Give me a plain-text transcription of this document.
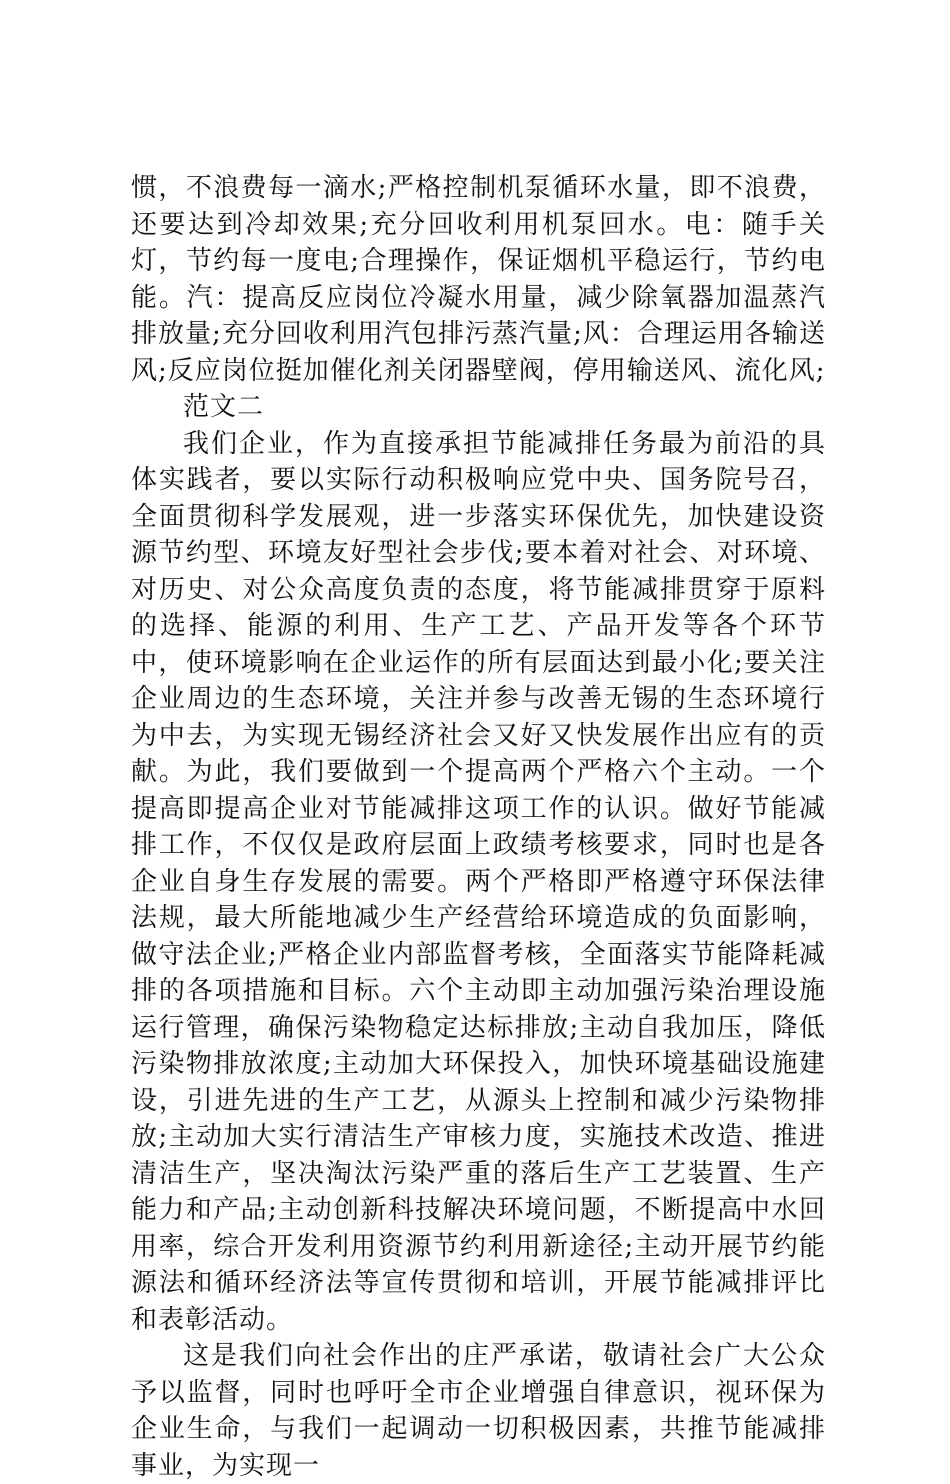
惯，不浪费每一滴水;严格控制机泵循环水量，即不浪费，还要达到冷却效果;充分回收利用机泵回水。电：随手关灯，节约每一度电;合理操作，保证烟机平稳运行，节约电能。汽：提高反应岗位冷凝水用量，减少除氧器加温蒸汽排放量;充分回收利用汽包排污蒸汽量;风：合理运用各输送风;反应岗位挺加催化剂关闭器壁阀，停用输送风、流化风;

范文二

我们企业，作为直接承担节能减排任务最为前沿的具体实践者，要以实际行动积极响应党中央、国务院号召，全面贯彻科学发展观，进一步落实环保优先，加快建设资源节约型、环境友好型社会步伐;要本着对社会、对环境、对历史、对公众高度负责的态度，将节能减排贯穿于原料的选择、能源的利用、生产工艺、产品开发等各个环节中，使环境影响在企业运作的所有层面达到最小化;要关注企业周边的生态环境，关注并参与改善无锡的生态环境行为中去，为实现无锡经济社会又好又快发展作出应有的贡献。为此，我们要做到一个提高两个严格六个主动。一个提高即提高企业对节能减排这项工作的认识。做好节能减排工作，不仅仅是政府层面上政绩考核要求，同时也是各企业自身生存发展的需要。两个严格即严格遵守环保法律法规，最大所能地减少生产经营给环境造成的负面影响，做守法企业;严格企业内部监督考核，全面落实节能降耗减排的各项措施和目标。六个主动即主动加强污染治理设施运行管理，确保污染物稳定达标排放;主动自我加压，降低污染物排放浓度;主动加大环保投入，加快环境基础设施建设，引进先进的生产工艺，从源头上控制和减少污染物排放;主动加大实行清洁生产审核力度，实施技术改造、推进清洁生产，坚决淘汰污染严重的落后生产工艺装置、生产能力和产品;主动创新科技解决环境问题，不断提高中水回用率，综合开发利用资源节约利用新途径;主动开展节约能源法和循环经济法等宣传贯彻和培训，开展节能减排评比和表彰活动。

这是我们向社会作出的庄严承诺，敬请社会广大公众予以监督，同时也呼吁全市企业增强自律意识，视环保为企业生命，与我们一起调动一切积极因素，共推节能减排事业，为实现一
